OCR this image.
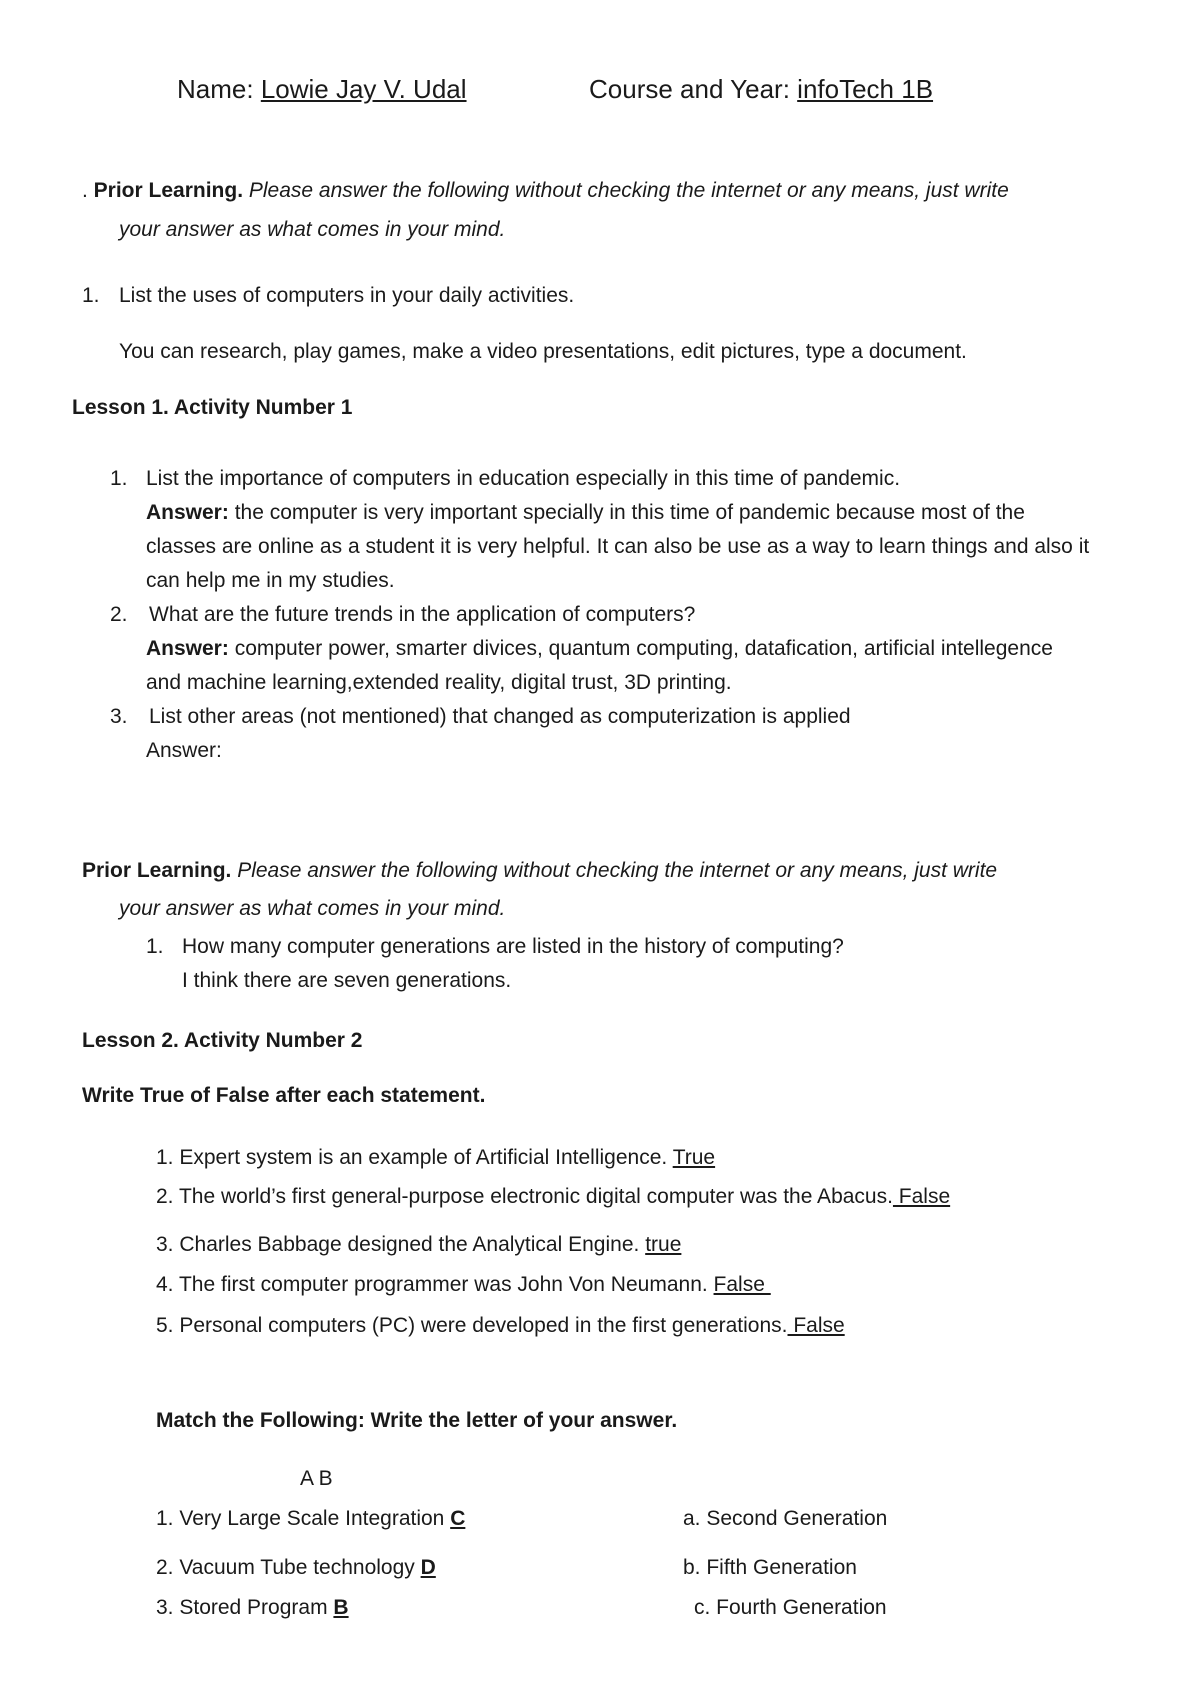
Name: Lowie Jay V. Udal	Course and Year: infoTech 1B
. Prior Learning. Please answer the following without checking the internet or any means, just write
your answer as what comes in your mind.
1. List the uses of computers in your daily activities.
You can research, play games, make a video presentations, edit pictures, type a document.
Lesson 1. Activity Number 1
1. List the importance of computers in education especially in this time of pandemic.
Answer: the computer is very important specially in this time of pandemic because most of the
classes are online as a student it is very helpful. It can also be use as a way to learn things and also it
can help me in my studies.
2. What are the future trends in the application of computers?
Answer: computer power, smarter divices, quantum computing, datafication, artificial intellegence
and machine learning,extended reality, digital trust, 3D printing.
3. List other areas (not mentioned) that changed as computerization is applied
Answer:
Prior Learning. Please answer the following without checking the internet or any means, just write
your answer as what comes in your mind.
1. How many computer generations are listed in the history of computing?
I think there are seven generations.
Lesson 2. Activity Number 2
Write True of False after each statement.
1. Expert system is an example of Artificial Intelligence. True
2. The world’s first general-purpose electronic digital computer was the Abacus. False
3. Charles Babbage designed the Analytical Engine. true
4. The first computer programmer was John Von Neumann. False
5. Personal computers (PC) were developed in the first generations. False
Match the Following: Write the letter of your answer.
A B
1. Very Large Scale Integration C
2. Vacuum Tube technology D
3. Stored Program B
a. Second Generation
b. Fifth Generation
c. Fourth Generation
